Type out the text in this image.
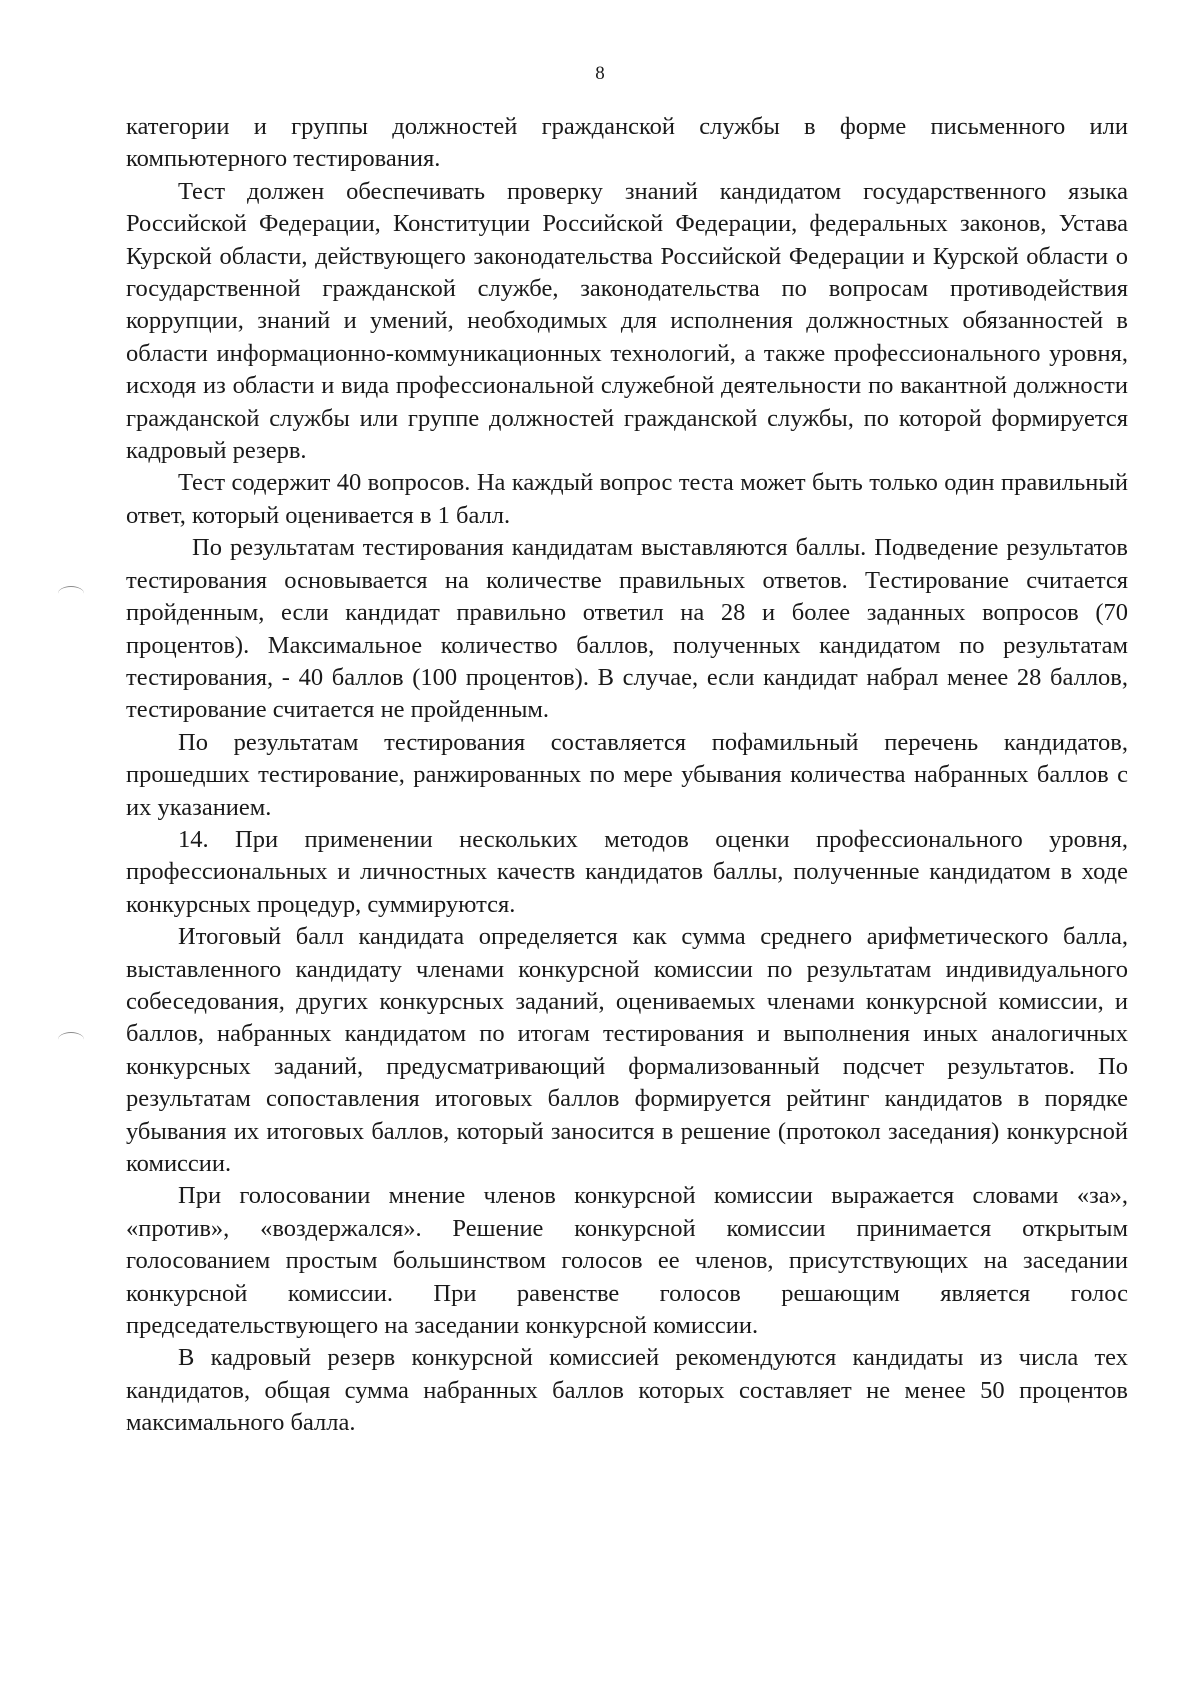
8

категории и группы должностей гражданской службы в форме письменного или компьютерного тестирования.

Тест должен обеспечивать проверку знаний кандидатом государственного языка Российской Федерации, Конституции Российской Федерации, федеральных законов, Устава Курской области, действующего законодательства Российской Федерации и Курской области о государственной гражданской службе, законодательства по вопросам противодействия коррупции, знаний и умений, необходимых для исполнения должностных обязанностей в области информационно-коммуникационных технологий, а также профессионального уровня, исходя из области и вида профессиональной служебной деятельности по вакантной должности гражданской службы или группе должностей гражданской службы, по которой формируется кадровый резерв.

Тест содержит 40 вопросов. На каждый вопрос теста может быть только один правильный ответ, который оценивается в 1 балл.

По результатам тестирования кандидатам выставляются баллы. Подведение результатов тестирования основывается на количестве правильных ответов. Тестирование считается пройденным, если кандидат правильно ответил на 28 и более заданных вопросов (70 процентов). Максимальное количество баллов, полученных кандидатом по результатам тестирования, - 40 баллов (100 процентов). В случае, если кандидат набрал менее 28 баллов, тестирование считается не пройденным.

По результатам тестирования составляется пофамильный перечень кандидатов, прошедших тестирование, ранжированных по мере убывания количества набранных баллов с их указанием.

14. При применении нескольких методов оценки профессионального уровня, профессиональных и личностных качеств кандидатов баллы, полученные кандидатом в ходе конкурсных процедур, суммируются.

Итоговый балл кандидата определяется как сумма среднего арифметического балла, выставленного кандидату членами конкурсной комиссии по результатам индивидуального собеседования, других конкурсных заданий, оцениваемых членами конкурсной комиссии, и баллов, набранных кандидатом по итогам тестирования и выполнения иных аналогичных конкурсных заданий, предусматривающий формализованный подсчет результатов. По результатам сопоставления итоговых баллов формируется рейтинг кандидатов в порядке убывания их итоговых баллов, который заносится в решение (протокол заседания) конкурсной комиссии.

При голосовании мнение членов конкурсной комиссии выражается словами «за», «против», «воздержался». Решение конкурсной комиссии принимается открытым голосованием простым большинством голосов ее членов, присутствующих на заседании конкурсной комиссии. При равенстве голосов решающим является голос председательствующего на заседании конкурсной комиссии.

В кадровый резерв конкурсной комиссией рекомендуются кандидаты из числа тех кандидатов, общая сумма набранных баллов которых составляет не менее 50 процентов максимального балла.
